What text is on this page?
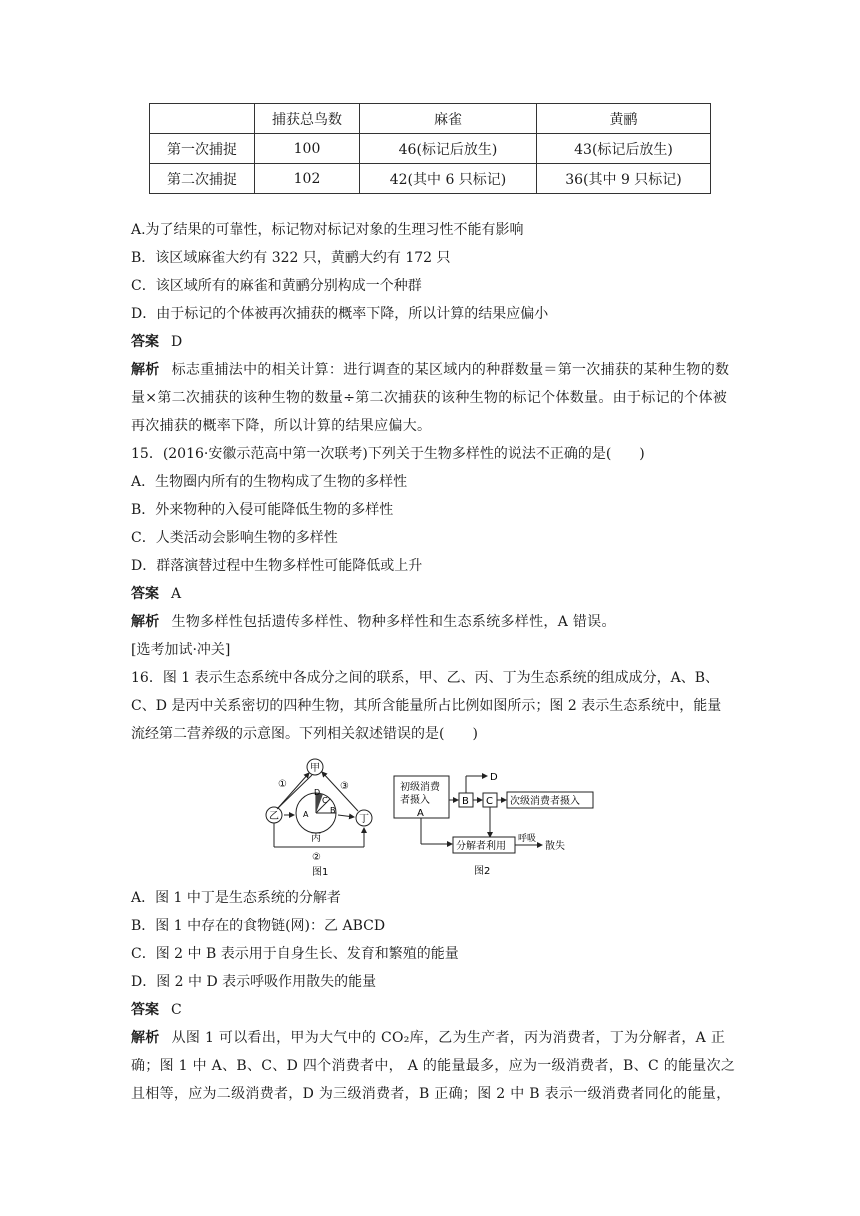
	捕获总鸟数	麻雀	黄鹂
第一次捕捉	100	46(标记后放生)	43(标记后放生)
第二次捕捉	102	42(其中 6 只标记)	36(其中 9 只标记)
A.为了结果的可靠性，标记物对标记对象的生理习性不能有影响
B．该区域麻雀大约有 322 只，黄鹂大约有 172 只
C．该区域所有的麻雀和黄鹂分别构成一个种群
D．由于标记的个体被再次捕获的概率下降，所以计算的结果应偏小
答案 D
解析 标志重捕法中的相关计算：进行调查的某区域内的种群数量＝第一次捕获的某种生物的数
量×第二次捕获的该种生物的数量÷第二次捕获的该种生物的标记个体数量。由于标记的个体被
再次捕获的概率下降，所以计算的结果应偏大。
15．(2016·安徽示范高中第一次联考)下列关于生物多样性的说法不正确的是(　　)
A．生物圈内所有的生物构成了生物的多样性
B．外来物种的入侵可能降低生物的多样性
C．人类活动会影响生物的多样性
D．群落演替过程中生物多样性可能降低或上升
答案 A
解析 生物多样性包括遗传多样性、物种多样性和生态系统多样性，A 错误。
[选考加试·冲关]
16．图 1 表示生态系统中各成分之间的联系，甲、乙、丙、丁为生态系统的组成成分，A、B、
C、D 是丙中关系密切的四种生物，其所含能量所占比例如图所示；图 2 表示生态系统中，能量
流经第二营养级的示意图。下列相关叙述错误的是(　　)
甲
乙	丁
D
C
B
A
丙
①	③
②
图1
初级消费
者摄入
A
B
D
C 次级消费者摄入
分解者利用
呼吸
散失
图2
A．图 1 中丁是生态系统的分解者
B．图 1 中存在的食物链(网)：乙 ABCD
C．图 2 中 B 表示用于自身生长、发育和繁殖的能量
D．图 2 中 D 表示呼吸作用散失的能量
答案 C
解析 从图 1 可以看出，甲为大气中的 CO₂库，乙为生产者，丙为消费者，丁为分解者，A 正
确；图 1 中 A、B、C、D 四个消费者中， A 的能量最多，应为一级消费者，B、C 的能量次之
且相等，应为二级消费者，D 为三级消费者，B 正确；图 2 中 B 表示一级消费者同化的能量，
